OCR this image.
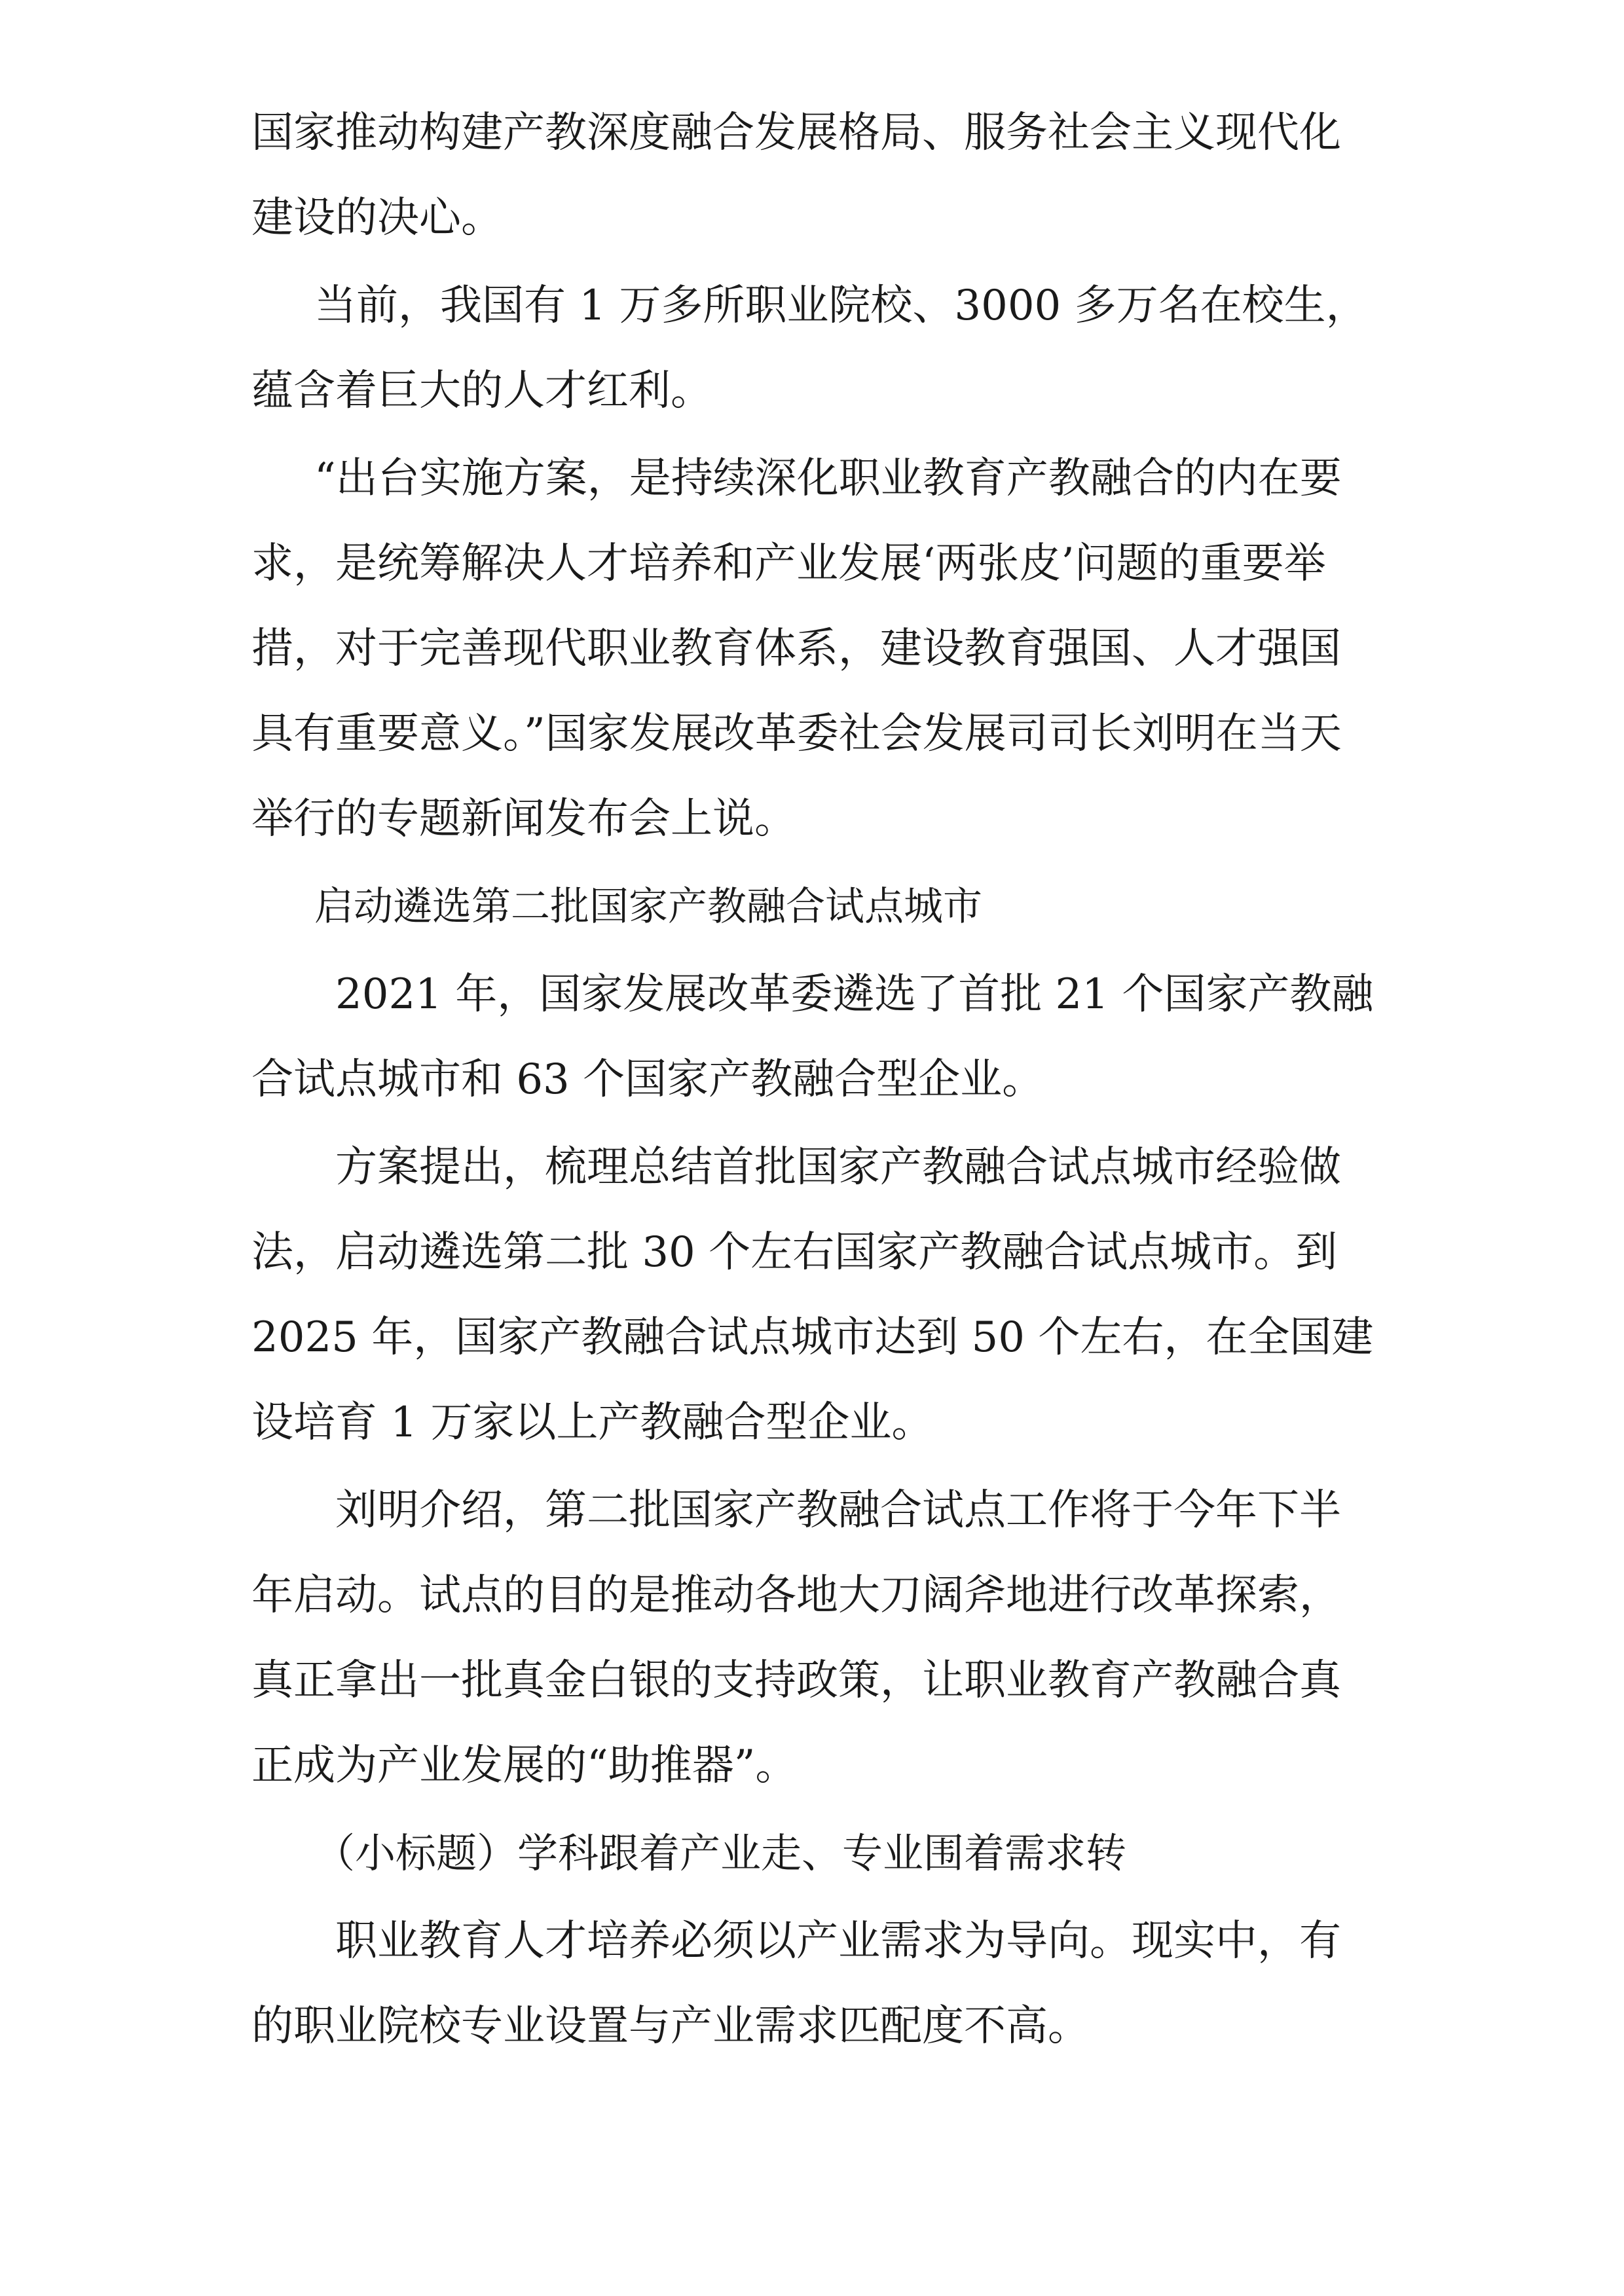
国家推动构建产教深度融合发展格局、服务社会主义现代化建设的决心。

当前，我国有 1 万多所职业院校、3000 多万名在校生，蕴含着巨大的人才红利。

“出台实施方案，是持续深化职业教育产教融合的内在要求，是统筹解决人才培养和产业发展‘两张皮’问题的重要举措，对于完善现代职业教育体系，建设教育强国、人才强国具有重要意义。”国家发展改革委社会发展司司长刘明在当天举行的专题新闻发布会上说。

启动遴选第二批国家产教融合试点城市

2021 年，国家发展改革委遴选了首批 21 个国家产教融合试点城市和 63 个国家产教融合型企业。

方案提出，梳理总结首批国家产教融合试点城市经验做法，启动遴选第二批 30 个左右国家产教融合试点城市。到 2025 年，国家产教融合试点城市达到 50 个左右，在全国建设培育 1 万家以上产教融合型企业。

刘明介绍，第二批国家产教融合试点工作将于今年下半年启动。试点的目的是推动各地大刀阔斧地进行改革探索，真正拿出一批真金白银的支持政策，让职业教育产教融合真正成为产业发展的“助推器”。

（小标题）学科跟着产业走、专业围着需求转

职业教育人才培养必须以产业需求为导向。现实中，有的职业院校专业设置与产业需求匹配度不高。
